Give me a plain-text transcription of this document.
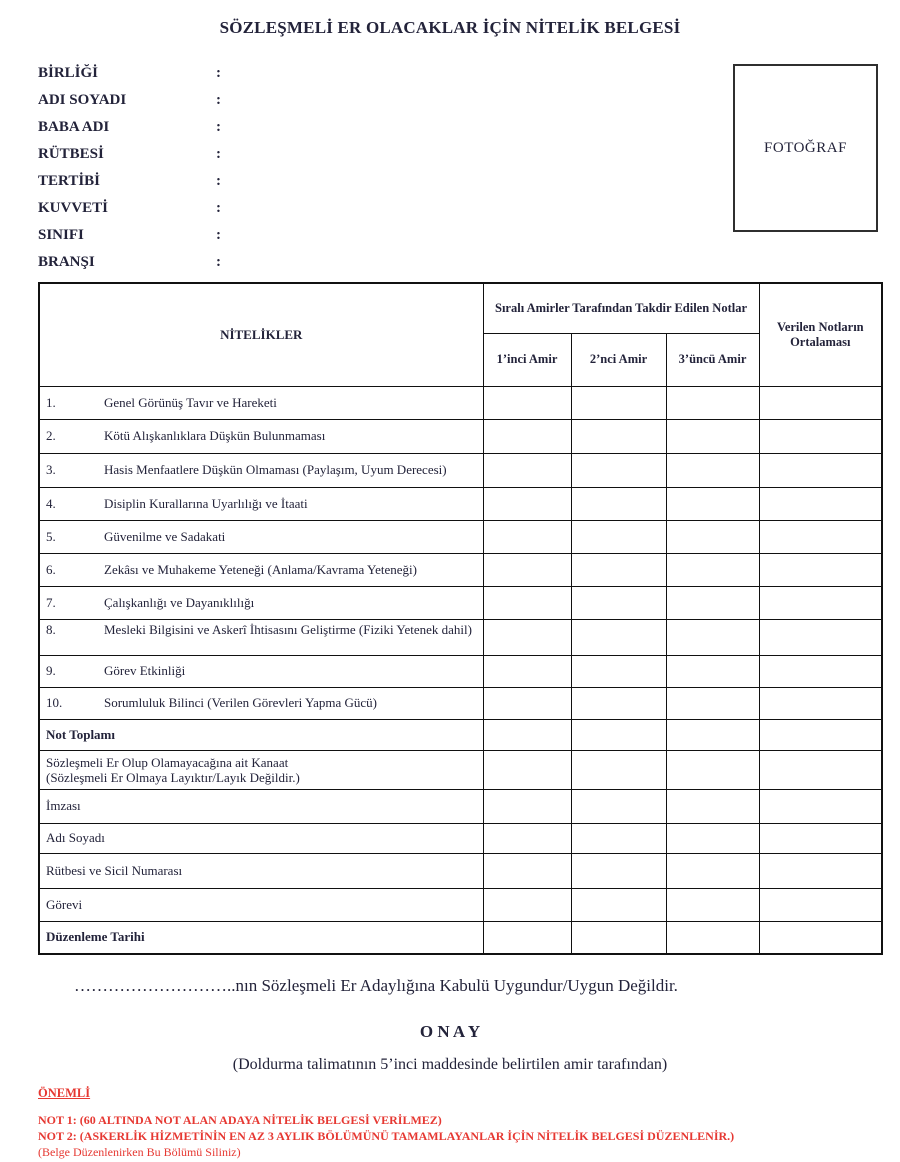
SÖZLEŞMELİ ER OLACAKLAR İÇİN NİTELİK BELGESİ
BİRLİĞİ	:
ADI SOYADI	:
BABA ADI	:
RÜTBESİ	:
TERTİBİ	:
KUVVETİ	:
SINIFI	:
BRANŞI	:
FOTOĞRAF
NİTELİKLER	Sıralı Amirler Tarafından Takdir Edilen Notlar			Verilen Notların Ortalaması
	1’inci Amir	2’nci Amir	3’üncü Amir	
1. Genel Görünüş Tavır ve Hareketi				
2. Kötü Alışkanlıklara Düşkün Bulunmaması				
3. Hasis Menfaatlere Düşkün Olmaması (Paylaşım, Uyum Derecesi)				
4. Disiplin Kurallarına Uyarlılığı ve İtaati				
5. Güvenilme ve Sadakati				
6. Zekâsı ve Muhakeme Yeteneği (Anlama/Kavrama Yeteneği)				
7. Çalışkanlığı ve Dayanıklılığı				
8. Mesleki Bilgisini ve Askerî İhtisasını Geliştirme (Fiziki Yetenek dahil)				
9. Görev Etkinliği				
10. Sorumluluk Bilinci (Verilen Görevleri Yapma Gücü)				
Not Toplamı				

Sözleşmeli Er Olup Olamayacağına ait Kanaat
(Sözleşmeli Er Olmaya Layıktır/Layık Değildir.)				

İmzası				
Adı Soyadı				
Rütbesi ve Sicil Numarası				
Görevi				
Düzenleme Tarihi				
………………………..nın Sözleşmeli Er Adaylığına Kabulü Uygundur/Uygun Değildir.
O N A Y
(Doldurma talimatının 5’inci maddesinde belirtilen amir tarafından)
ÖNEMLİ
NOT 1: (60 ALTINDA NOT ALAN ADAYA NİTELİK BELGESİ VERİLMEZ)
NOT 2: (ASKERLİK HİZMETİNİN EN AZ 3 AYLIK BÖLÜMÜNÜ TAMAMLAYANLAR İÇİN NİTELİK BELGESİ DÜZENLENİR.)
(Belge Düzenlenirken Bu Bölümü Siliniz)
